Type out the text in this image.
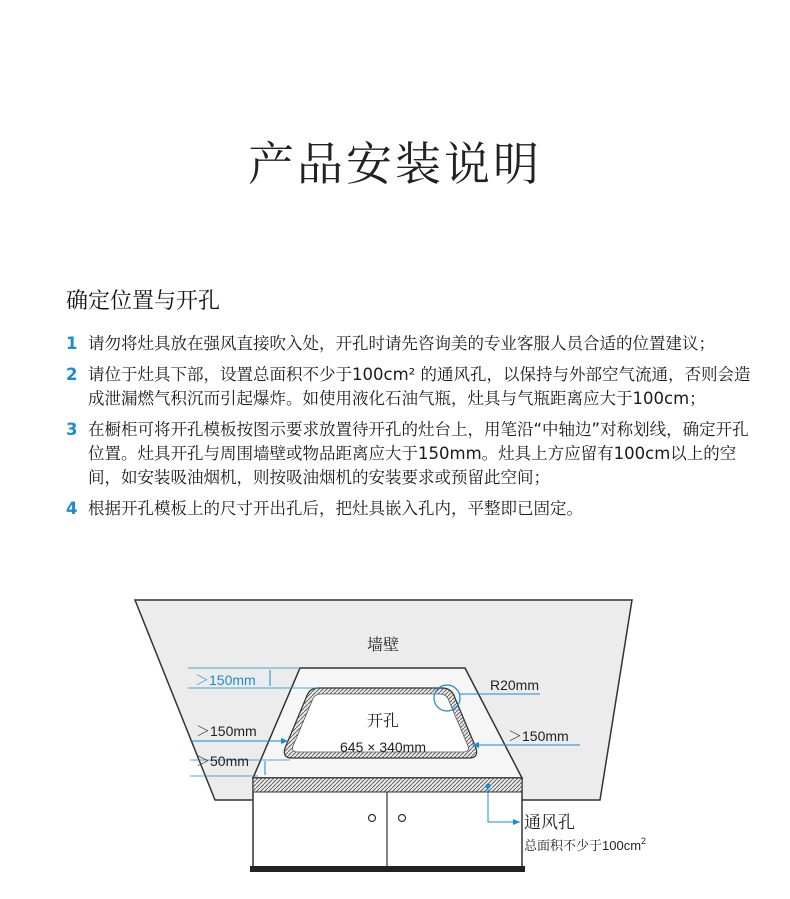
产品安装说明
确定位置与开孔
1 请勿将灶具放在强风直接吹入处，开孔时请先咨询美的专业客服人员合适的位置建议；
2 请位于灶具下部，设置总面积不少于100cm² 的通风孔，以保持与外部空气流通，否则会造成泄漏燃气积沉而引起爆炸。如使用液化石油气瓶，灶具与气瓶距离应大于100cm；
3 在橱柜可将开孔模板按图示要求放置待开孔的灶台上，用笔沿“中轴边”对称划线，确定开孔位置。灶具开孔与周围墙壁或物品距离应大于150mm。灶具上方应留有100cm以上的空间，如安装吸油烟机，则按吸油烟机的安装要求或预留此空间；
4 根据开孔模板上的尺寸开出孔后，把灶具嵌入孔内，平整即已固定。
R20mm
墙壁
开孔
645 × 340mm
＞150mm
＞150mm	＞150mm
＞50mm
通风孔
总面积不少于$100cm^2$
